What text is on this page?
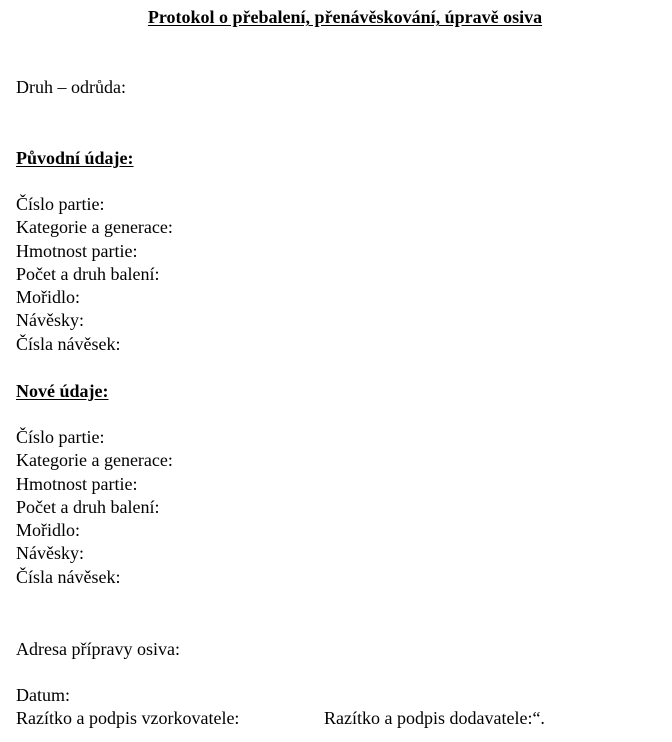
Protokol o přebalení, přenávěskování, úpravě osiva
Druh – odrůda:
Původní údaje:
Číslo partie:
Kategorie a generace:
Hmotnost partie:
Počet a druh balení:
Mořidlo:
Návěsky:
Čísla návěsek:
Nové údaje:
Číslo partie:
Kategorie a generace:
Hmotnost partie:
Počet a druh balení:
Mořidlo:
Návěsky:
Čísla návěsek:
Adresa přípravy osiva:
Datum:
Razítko a podpis vzorkovatele:	Razítko a podpis dodavatele:“.
